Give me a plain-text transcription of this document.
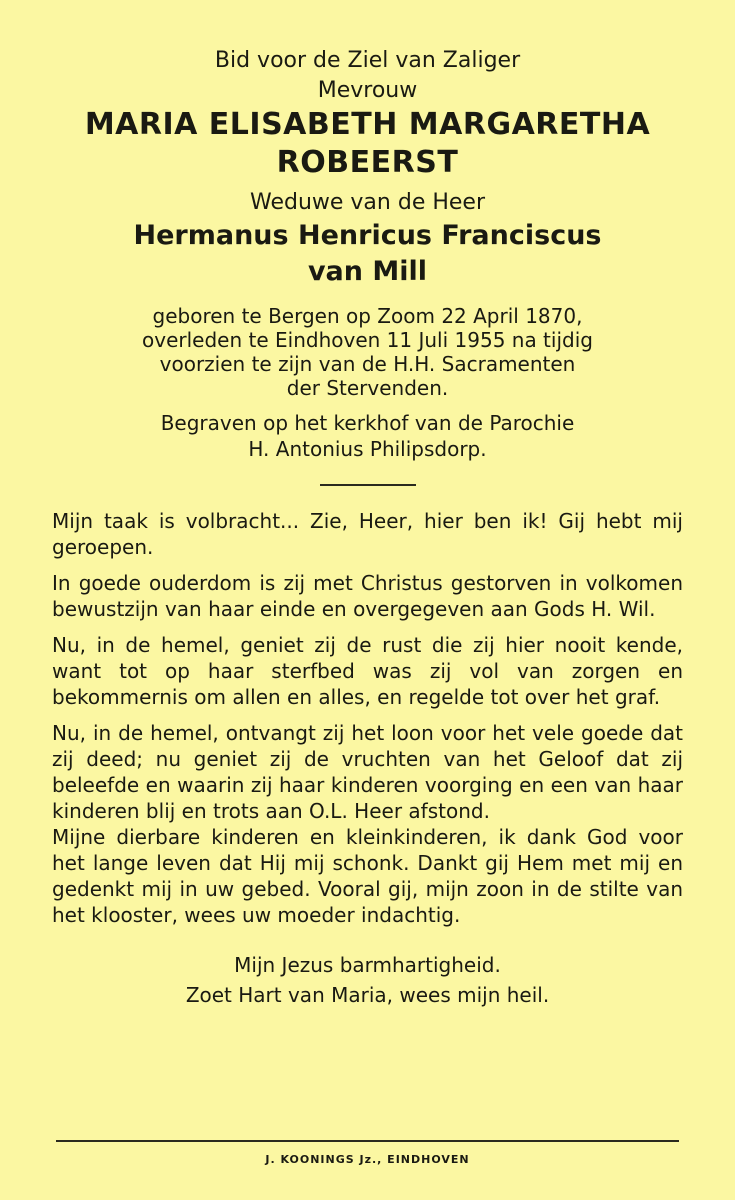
Bid voor de Ziel van Zaliger
Mevrouw
MARIA ELISABETH MARGARETHA
ROBEERST
Weduwe van de Heer
Hermanus Henricus Franciscus
van Mill
geboren te Bergen op Zoom 22 April 1870,
overleden te Eindhoven 11 Juli 1955 na tijdig
voorzien te zijn van de H.H. Sacramenten
der Stervenden.
Begraven op het kerkhof van de Parochie
H. Antonius Philipsdorp.

Mijn taak is volbracht... Zie, Heer, hier ben ik! Gij hebt mij geroepen.

In goede ouderdom is zij met Christus gestorven in volkomen bewustzijn van haar einde en overgegeven aan Gods H. Wil.

Nu, in de hemel, geniet zij de rust die zij hier nooit kende, want tot op haar sterfbed was zij vol van zorgen en bekommernis om allen en alles, en regelde tot over het graf.

Nu, in de hemel, ontvangt zij het loon voor het vele goede dat zij deed; nu geniet zij de vruchten van het Geloof dat zij beleefde en waarin zij haar kinderen voorging en een van haar kinderen blij en trots aan O.L. Heer afstond.

Mijne dierbare kinderen en kleinkinderen, ik dank God voor het lange leven dat Hij mij schonk. Dankt gij Hem met mij en gedenkt mij in uw gebed. Vooral gij, mijn zoon in de stilte van het klooster, wees uw moeder indachtig.

Mijn Jezus barmhartigheid.
Zoet Hart van Maria, wees mijn heil.
J. KOONINGS Jz., EINDHOVEN
